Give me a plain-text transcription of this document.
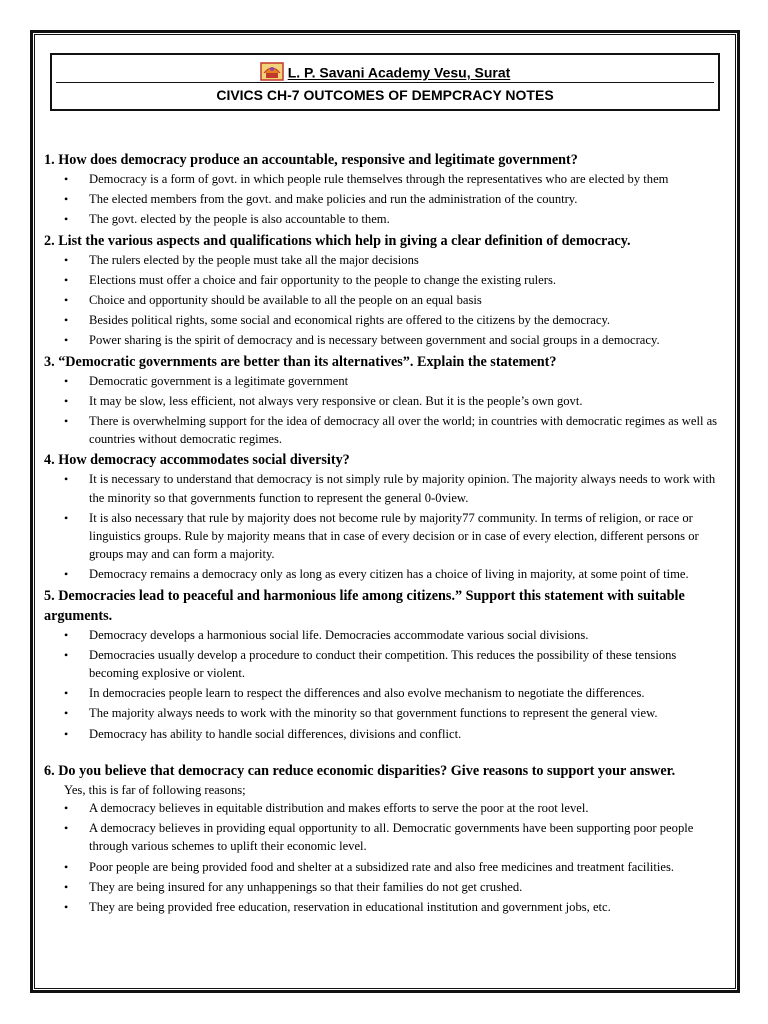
L. P. Savani Academy Vesu, Surat
CIVICS CH-7 OUTCOMES OF DEMPCRACY NOTES

1. How does democracy produce an accountable, responsive and legitimate government?

• Democracy is a form of govt. in which people rule themselves through the representatives who are elected by them
• The elected members from the govt. and make policies and run the administration of the country.
• The govt. elected by the people is also accountable to them.

2. List the various aspects and qualifications which help in giving a clear definition of democracy.

• The rulers elected by the people must take all the major decisions
• Elections must offer a choice and fair opportunity to the people to change the existing rulers.
• Choice and opportunity should be available to all the people on an equal basis
• Besides political rights, some social and economical rights are offered to the citizens by the democracy.
• Power sharing is the spirit of democracy and is necessary between government and social groups in a democracy.

3. “Democratic governments are better than its alternatives”. Explain the statement?

• Democratic government is a legitimate government
• It may be slow, less efficient, not always very responsive or clean. But it is the people’s own govt.
• There is overwhelming support for the idea of democracy all over the world; in countries with democratic regimes as well as countries without democratic regimes.

4. How democracy accommodates social diversity?

• It is necessary to understand that democracy is not simply rule by majority opinion. The majority always needs to work with the minority so that governments function to represent the general 0-0view.
• It is also necessary that rule by majority does not become rule by majority77 community. In terms of religion, or race or linguistics groups. Rule by majority means that in case of every decision or in case of every election, different persons or groups may and can form a majority.
• Democracy remains a democracy only as long as every citizen has a choice of living in majority, at some point of time.

5. Democracies lead to peaceful and harmonious life among citizens.” Support this statement with suitable arguments.

• Democracy develops a harmonious social life. Democracies accommodate various social divisions.
• Democracies usually develop a procedure to conduct their competition. This reduces the possibility of these tensions becoming explosive or violent.
• In democracies people learn to respect the differences and also evolve mechanism to negotiate the differences.
• The majority always needs to work with the minority so that government functions to represent the general view.
• Democracy has ability to handle social differences, divisions and conflict.

6. Do you believe that democracy can reduce economic disparities? Give reasons to support your answer.

Yes, this is far of following reasons;
• A democracy believes in equitable distribution and makes efforts to serve the poor at the root level.
• A democracy believes in providing equal opportunity to all. Democratic governments have been supporting poor people through various schemes to uplift their economic level.
• Poor people are being provided food and shelter at a subsidized rate and also free medicines and treatment facilities.
• They are being insured for any unhappenings so that their families do not get crushed.
• They are being provided free education, reservation in educational institution and government jobs, etc.
